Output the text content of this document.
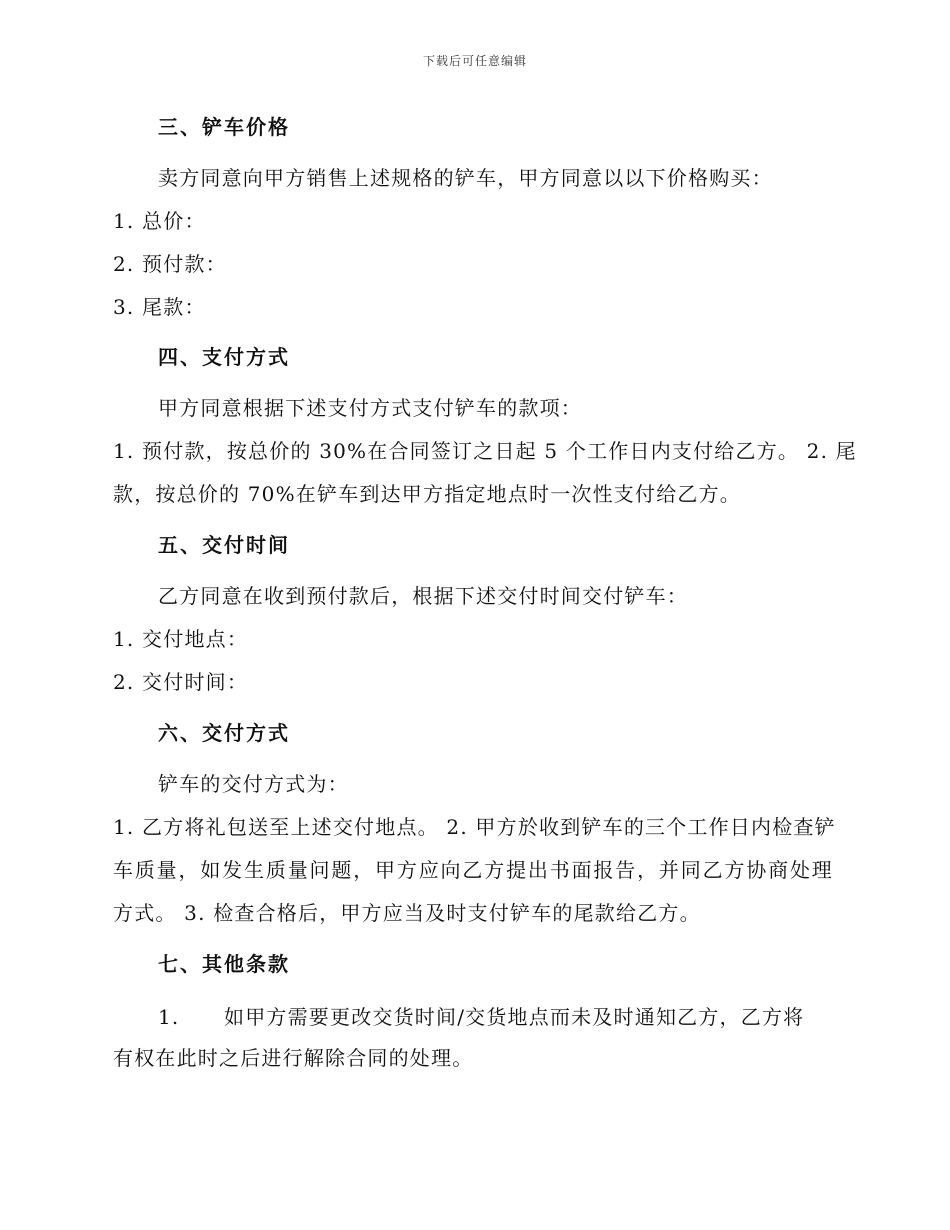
下载后可任意编辑
三、铲车价格
卖方同意向甲方销售上述规格的铲车，甲方同意以以下价格购买：
1. 总价：
2. 预付款：
3. 尾款：
四、支付方式
甲方同意根据下述支付方式支付铲车的款项：
1. 预付款，按总价的 30%在合同签订之日起 5 个工作日内支付给乙方。 2. 尾
款，按总价的 70%在铲车到达甲方指定地点时一次性支付给乙方。
五、交付时间
乙方同意在收到预付款后，根据下述交付时间交付铲车：
1. 交付地点：
2. 交付时间：
六、交付方式
铲车的交付方式为：
1. 乙方将礼包送至上述交付地点。 2. 甲方於收到铲车的三个工作日内检查铲
车质量，如发生质量问题，甲方应向乙方提出书面报告，并同乙方协商处理
方式。 3. 检查合格后，甲方应当及时支付铲车的尾款给乙方。
七、其他条款
1. 如甲方需要更改交货时间/交货地点而未及时通知乙方，乙方将
有权在此时之后进行解除合同的处理。
